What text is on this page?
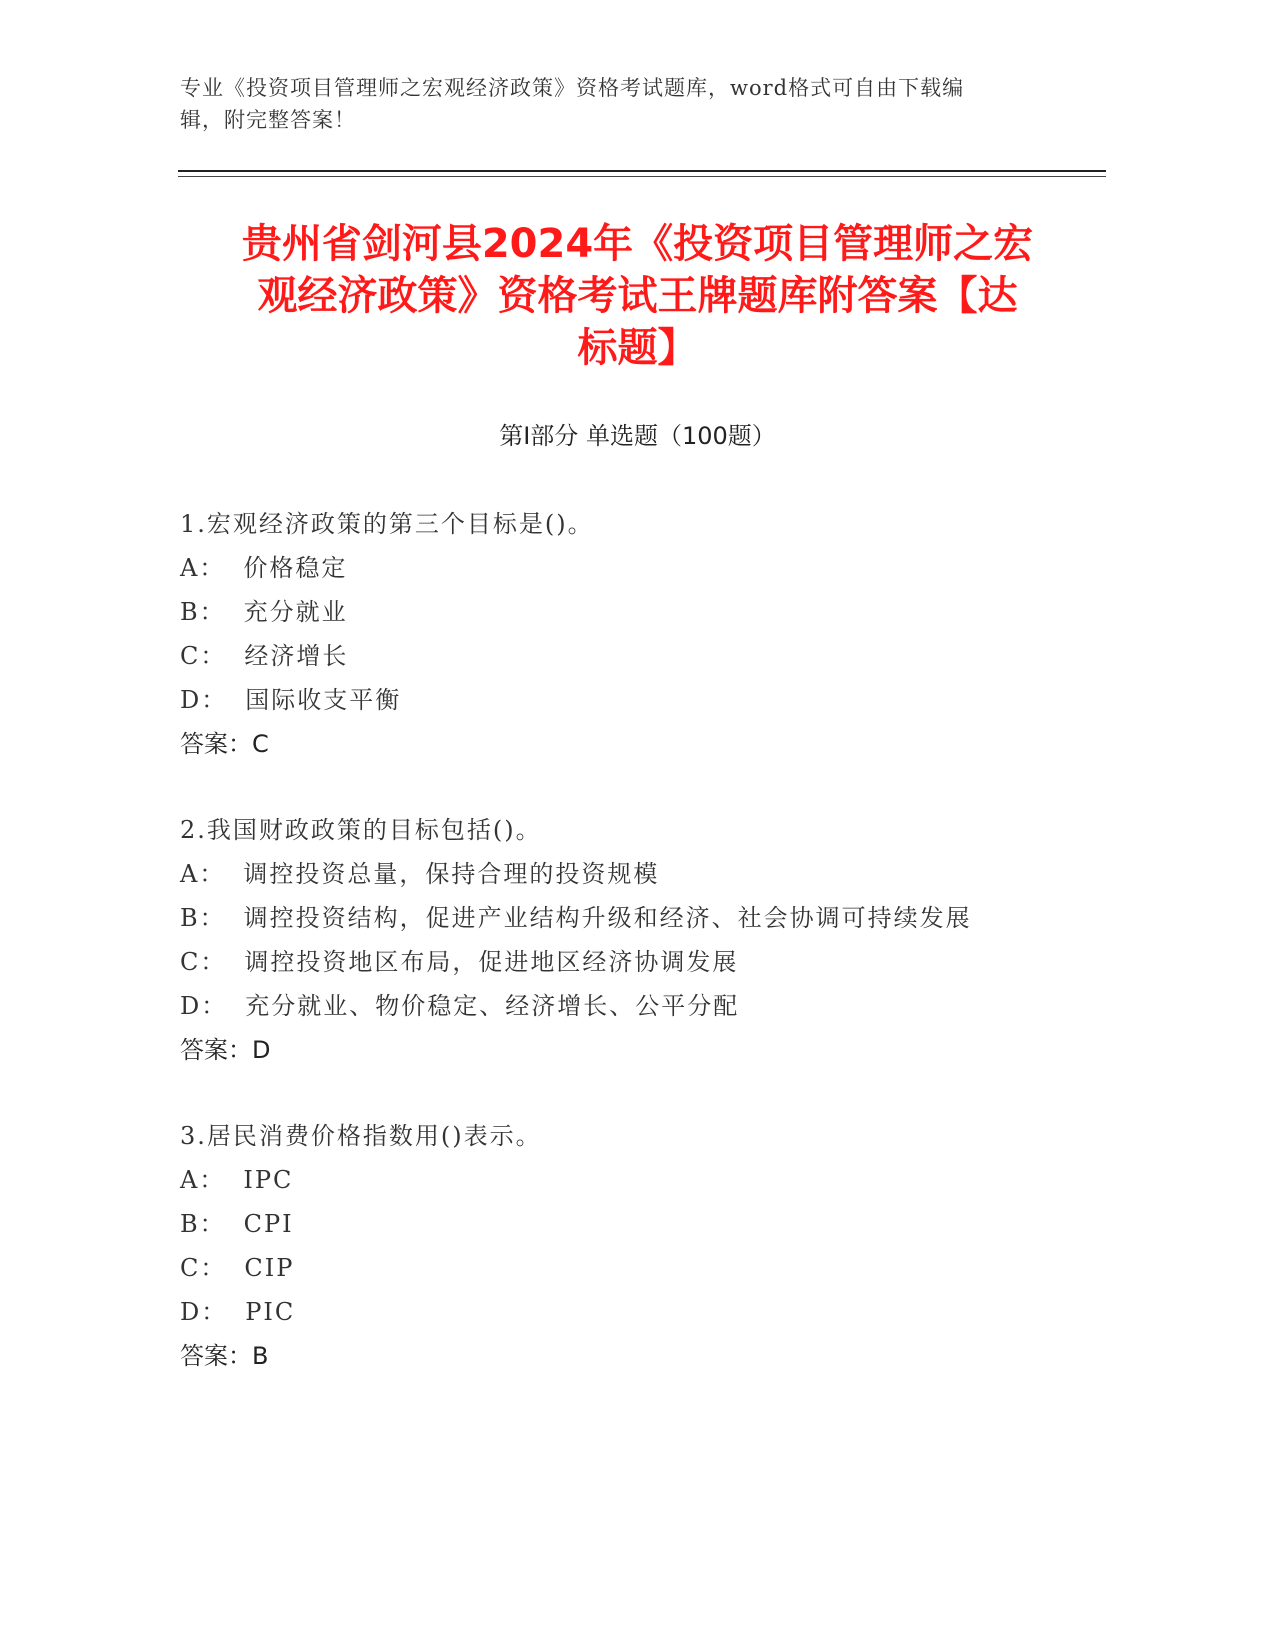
专业《投资项目管理师之宏观经济政策》资格考试题库，word格式可自由下载编
辑，附完整答案！
贵州省剑河县2024年《投资项目管理师之宏
观经济政策》资格考试王牌题库附答案【达
标题】
第Ⅰ部分 单选题（100题）
1.宏观经济政策的第三个目标是()。
A： 价格稳定
B： 充分就业
C： 经济增长
D： 国际收支平衡
答案：C
2.我国财政政策的目标包括()。
A： 调控投资总量，保持合理的投资规模
B： 调控投资结构，促进产业结构升级和经济、社会协调可持续发展
C： 调控投资地区布局，促进地区经济协调发展
D： 充分就业、物价稳定、经济增长、公平分配
答案：D
3.居民消费价格指数用()表示。
A： IPC
B： CPI
C： CIP
D： PIC
答案：B
